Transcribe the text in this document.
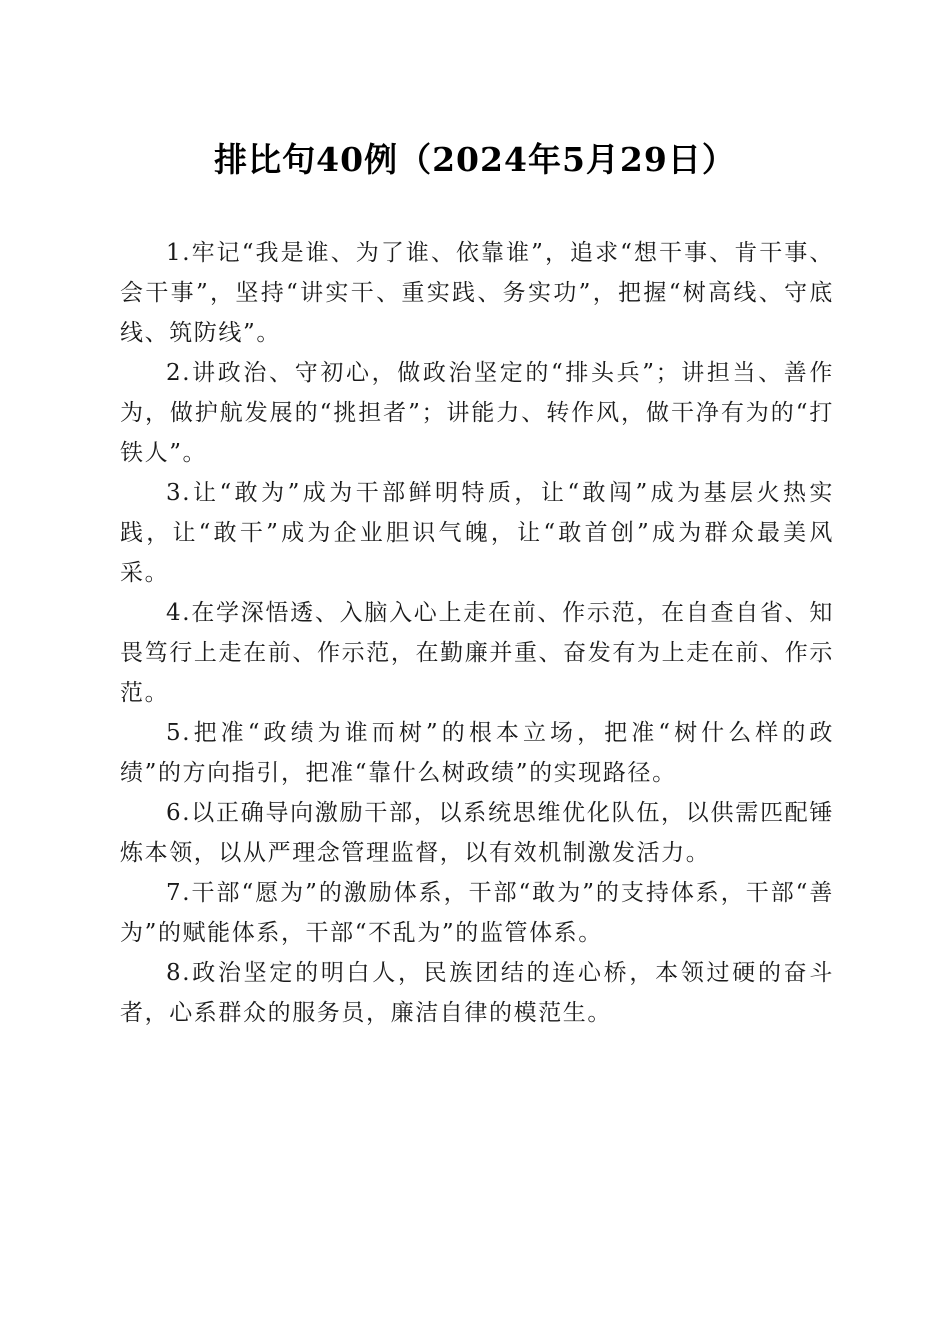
排比句40例（2024年5月29日）

1.牢记“我是谁、为了谁、依靠谁”，追求“想干事、肯干事、会干事”，坚持“讲实干、重实践、务实功”，把握“树高线、守底线、筑防线”。

2.讲政治、守初心，做政治坚定的“排头兵”；讲担当、善作为，做护航发展的“挑担者”；讲能力、转作风，做干净有为的“打铁人”。

3.让“敢为”成为干部鲜明特质，让“敢闯”成为基层火热实践，让“敢干”成为企业胆识气魄，让“敢首创”成为群众最美风采。

4.在学深悟透、入脑入心上走在前、作示范，在自查自省、知畏笃行上走在前、作示范，在勤廉并重、奋发有为上走在前、作示范。

5.把准“政绩为谁而树”的根本立场，把准“树什么样的政绩”的方向指引，把准“靠什么树政绩”的实现路径。

6.以正确导向激励干部，以系统思维优化队伍，以供需匹配锤炼本领，以从严理念管理监督，以有效机制激发活力。

7.干部“愿为”的激励体系，干部“敢为”的支持体系，干部“善为”的赋能体系，干部“不乱为”的监管体系。

8.政治坚定的明白人，民族团结的连心桥，本领过硬的奋斗者，心系群众的服务员，廉洁自律的模范生。
